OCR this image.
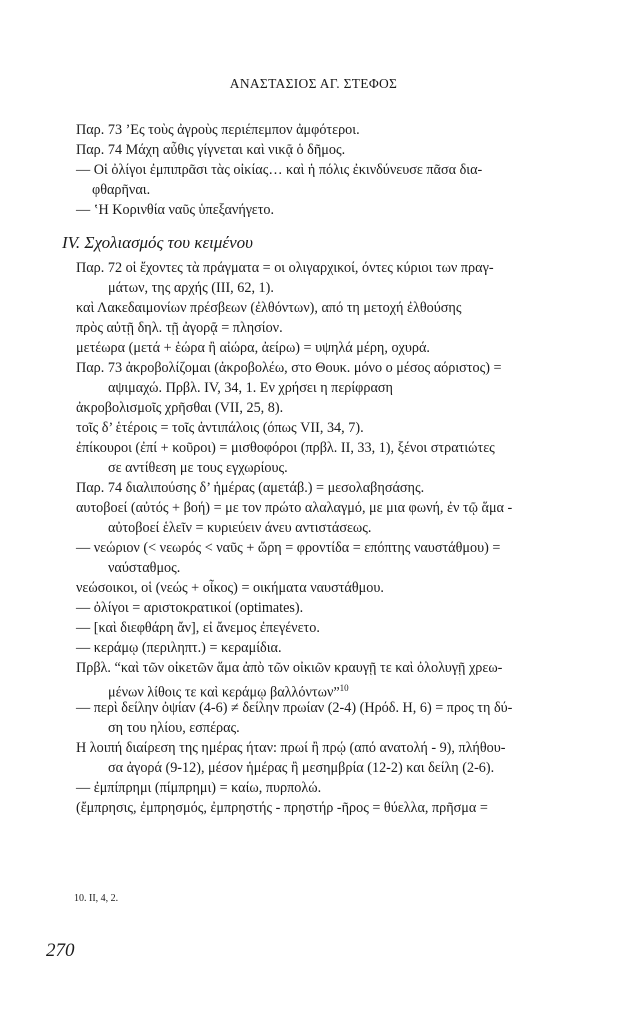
ΑΝΑΣΤΑΣΙΟΣ ΑΓ. ΣΤΕΦΟΣ
Παρ. 73 ’Ες τοὺς ἀγροὺς περιέπεμπον ἀμφότεροι.
Παρ. 74 Μάχη αὖθις γίγνεται καὶ νικᾷ ὁ δῆμος.
— Οἱ ὀλίγοι ἐμπιπρᾶσι τὰς οἰκίας… καὶ ἡ πόλις ἐκινδύνευσε πᾶσα δια-
φθαρῆναι.
— ‛Η Κορινθία ναῦς ὑπεξανήγετο.
IV. Σχολιασμός του κειμένου
Παρ. 72 οἱ ἔχοντες τὰ πράγματα = οι ολιγαρχικοί, όντες κύριοι των πραγ-
μάτων, της αρχής (ΙΙΙ, 62, 1).
καὶ Λακεδαιμονίων πρέσβεων (ἐλθόντων), από τη μετοχή ἐλθούσης
πρὸς αὐτῇ δηλ. τῇ ἀγορᾷ = πλησίον.
μετέωρα (μετά + ἑώρα ἢ αἰώρα, ἀείρω) = υψηλά μέρη, οχυρά.
Παρ. 73 ἀκροβολίζομαι (ἀκροβολέω, στο Θουκ. μόνο ο μέσος αόριστος) =
αψιμαχώ. Πρβλ. IV, 34, 1. Εν χρήσει η περίφραση
ἀκροβολισμοῖς χρῆσθαι (VII, 25, 8).
τοῖς δ’ ἑτέροις = τοῖς ἀντιπάλοις (όπως VII, 34, 7).
ἐπίκουροι (ἐπί + κοῦροι) = μισθοφόροι (πρβλ. ΙΙ, 33, 1), ξένοι στρατιώτες
σε αντίθεση με τους εγχωρίους.
Παρ. 74 διαλιπούσης δ’ ἡμέρας (αμετάβ.) = μεσολαβησάσης.
αυτοβοεί (αὐτός + βοή) = με τον πρώτο αλαλαγμό, με μια φωνή, ἐν τῷ ἅμα -
αὐτοβοεί ἑλεῖν = κυριεύειν άνευ αντιστάσεως.
— νεώριον (< νεωρός < ναῦς + ὤρη = φροντίδα = επόπτης ναυστάθμου) =
ναύσταθμος.
νεώσοικοι, οἱ (νεώς + οἶκος) = οικήματα ναυστάθμου.
— ὀλίγοι = αριστοκρατικοί (optimates).
— [καὶ διεφθάρη ἄν], εἰ ἄνεμος ἐπεγένετο.
— κεράμῳ (περιληπτ.) = κεραμίδια.
Πρβλ. “καὶ τῶν οἰκετῶν ἅμα ἀπὸ τῶν οἰκιῶν κραυγῇ τε καὶ ὀλολυγῇ χρεω-
μένων λίθοις τε καὶ κεράμῳ βαλλόντων”$^{10}$
— περὶ δείλην ὀψίαν (4-6) ≠ δείλην πρωίαν (2-4) (Ηρόδ. Η, 6) = προς τη δύ-
ση του ηλίου, εσπέρας.
Η λοιπή διαίρεση της ημέρας ήταν: πρωί ἢ πρῴ (από ανατολή - 9), πλήθου-
σα ἀγορά (9-12), μέσον ἡμέρας ἢ μεσημβρία (12-2) και δείλη (2-6).
— ἐμπίπρημι (πίμπρημι) = καίω, πυρπολώ.
(ἔμπρησις, ἐμπρησμός, ἐμπρηστής - πρηστήρ -ῆρος = θύελλα, πρῆσμα =
10. ΙΙ, 4, 2.
270
